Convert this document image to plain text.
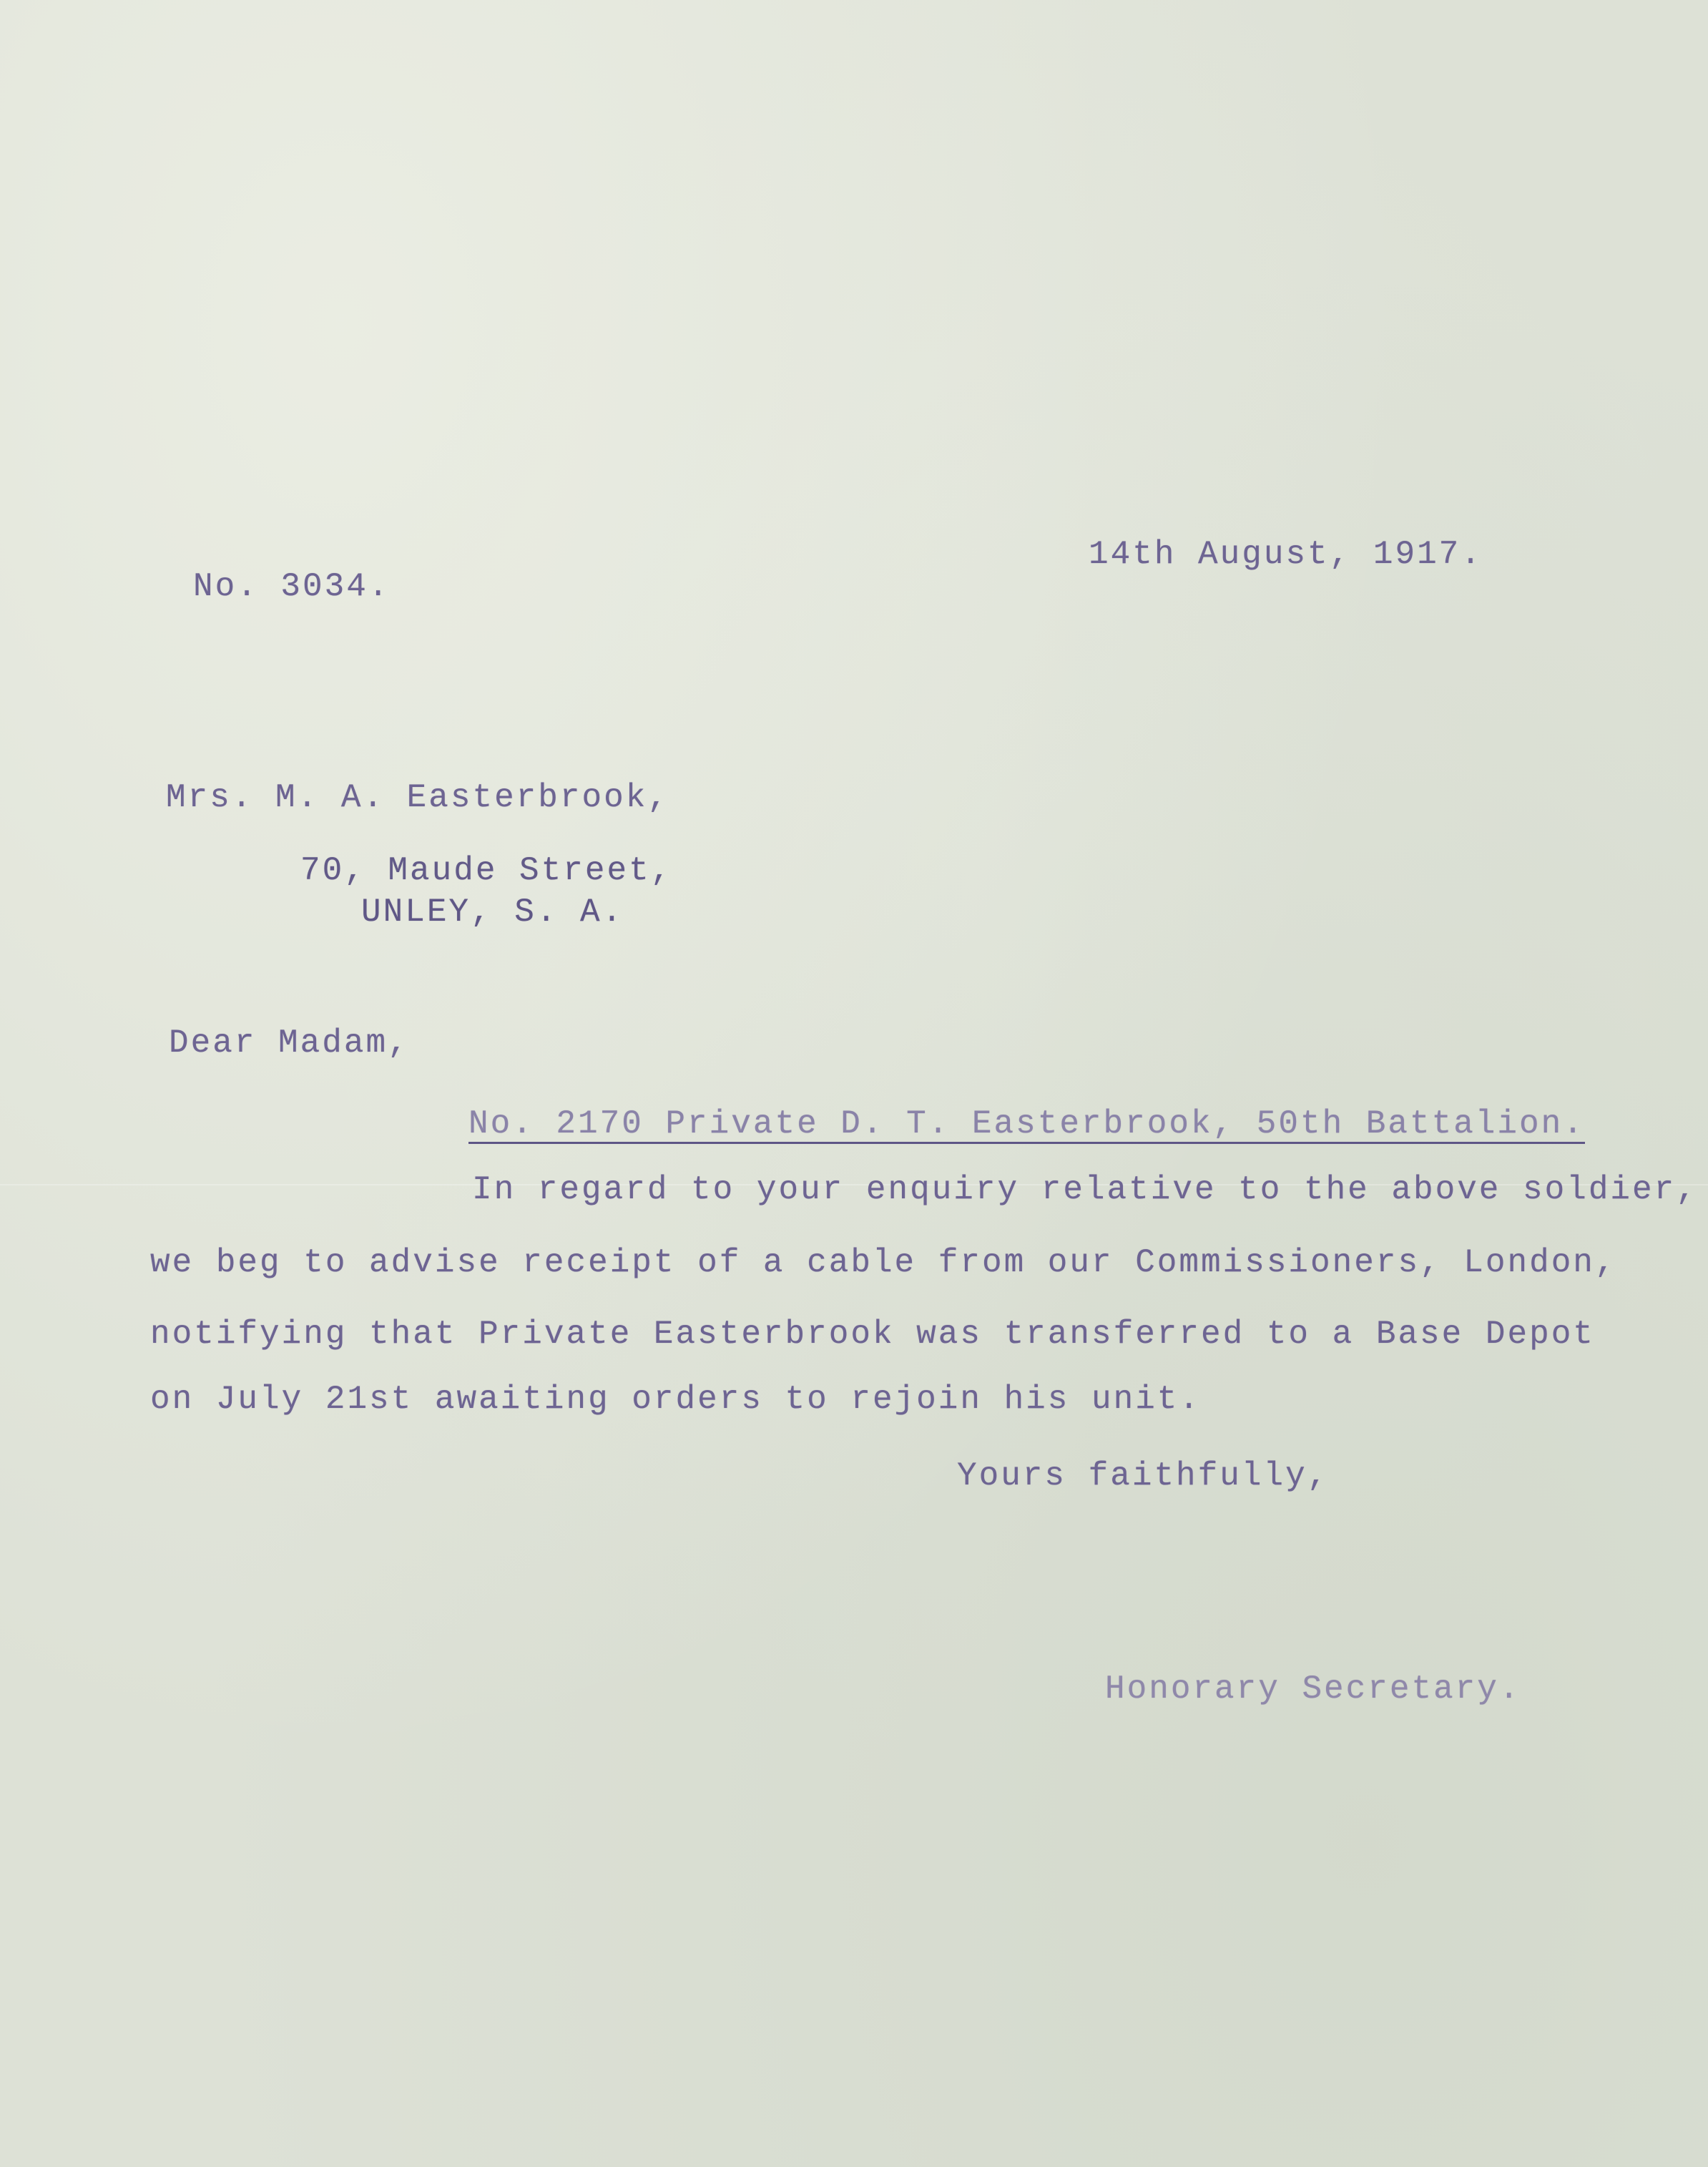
No. 3034.
14th August, 1917.
Mrs. M. A. Easterbrook,
70, Maude Street,
UNLEY, S. A.
Dear Madam,
No. 2170 Private D. T. Easterbrook, 50th Battalion.
In regard to your enquiry relative to the above soldier,
we beg to advise receipt of a cable from our Commissioners, London,
notifying that Private Easterbrook was transferred to a Base Depot
on July 21st awaiting orders to rejoin his unit.
Yours faithfully,
Honorary Secretary.
